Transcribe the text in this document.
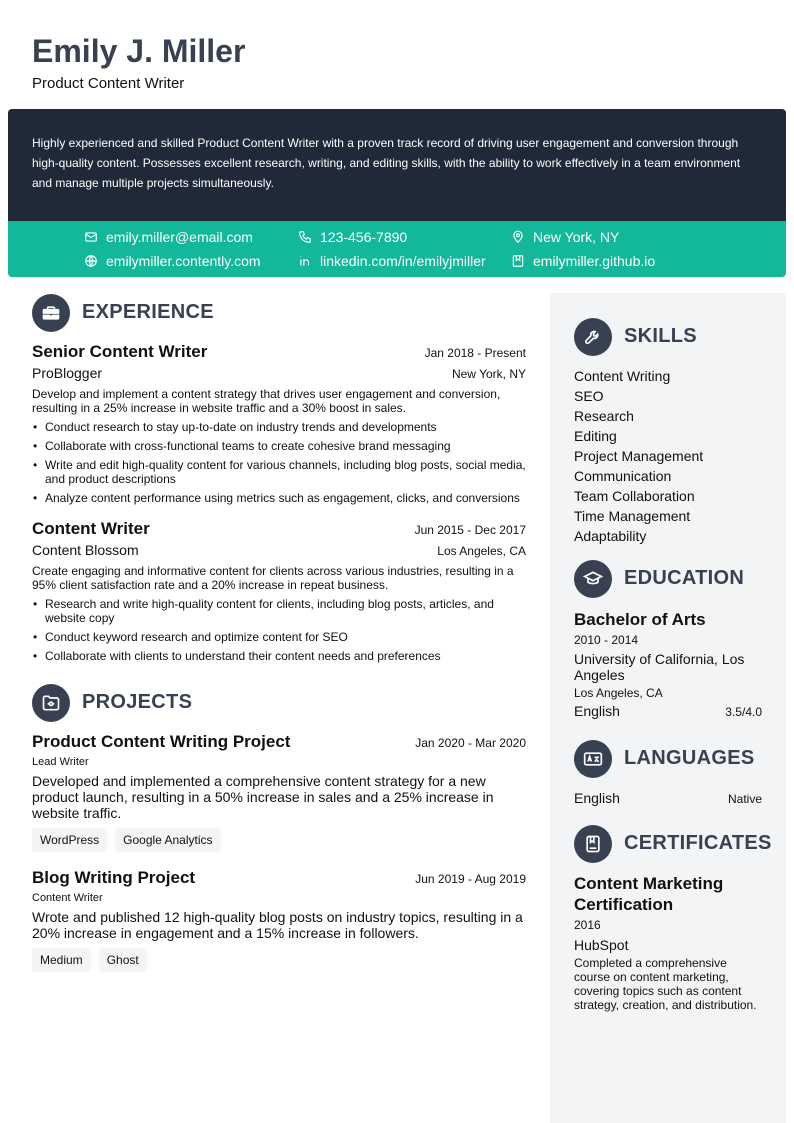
Emily J. Miller
Product Content Writer
Highly experienced and skilled Product Content Writer with a proven track record of driving user engagement and conversion through high-quality content. Possesses excellent research, writing, and editing skills, with the ability to work effectively in a team environment and manage multiple projects simultaneously.
emily.miller@email.com	123-456-7890	New York, NY
emilymiller.contently.com	linkedin.com/in/emilyjmiller	emilymiller.github.io
EXPERIENCE
Senior Content Writer	Jan 2018 - Present
ProBlogger	New York, NY
Develop and implement a content strategy that drives user engagement and conversion, resulting in a 25% increase in website traffic and a 30% boost in sales.
• Conduct research to stay up-to-date on industry trends and developments
• Collaborate with cross-functional teams to create cohesive brand messaging
• Write and edit high-quality content for various channels, including blog posts, social media, and product descriptions
• Analyze content performance using metrics such as engagement, clicks, and conversions
Content Writer	Jun 2015 - Dec 2017
Content Blossom	Los Angeles, CA
Create engaging and informative content for clients across various industries, resulting in a 95% client satisfaction rate and a 20% increase in repeat business.
• Research and write high-quality content for clients, including blog posts, articles, and website copy
• Conduct keyword research and optimize content for SEO
• Collaborate with clients to understand their content needs and preferences
PROJECTS
Product Content Writing Project	Jan 2020 - Mar 2020
Lead Writer
Developed and implemented a comprehensive content strategy for a new product launch, resulting in a 50% increase in sales and a 25% increase in website traffic.
WordPress	Google Analytics
Blog Writing Project	Jun 2019 - Aug 2019
Content Writer
Wrote and published 12 high-quality blog posts on industry topics, resulting in a 20% increase in engagement and a 15% increase in followers.
Medium	Ghost
SKILLS
Content Writing
SEO
Research
Editing
Project Management
Communication
Team Collaboration
Time Management
Adaptability
EDUCATION
Bachelor of Arts
2010 - 2014
University of California, Los Angeles
Los Angeles, CA
English	3.5/4.0
LANGUAGES
English	Native
CERTIFICATES
Content Marketing Certification
2016
HubSpot
Completed a comprehensive course on content marketing, covering topics such as content strategy, creation, and distribution.
